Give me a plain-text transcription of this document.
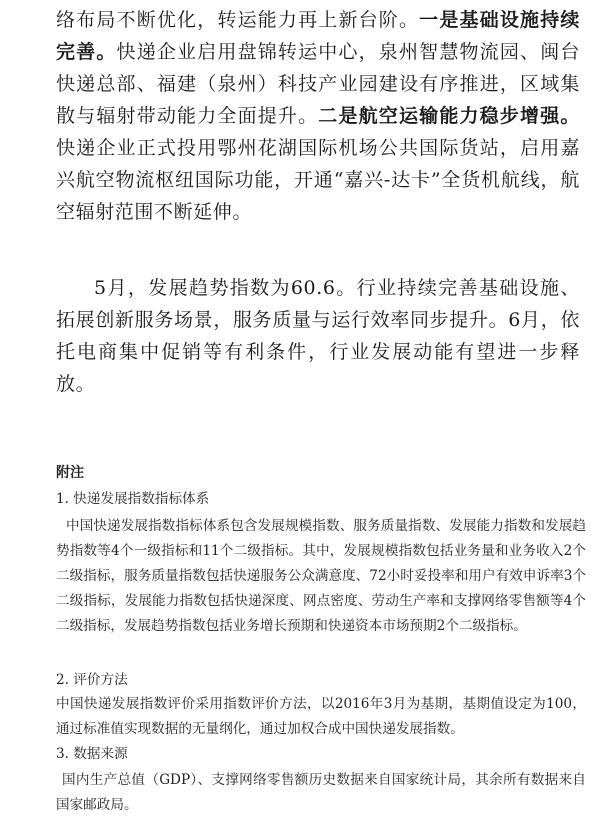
络布局不断优化，转运能力再上新台阶。一是基础设施持续完善。快递企业启用盘锦转运中心，泉州智慧物流园、闽台快递总部、福建（泉州）科技产业园建设有序推进，区域集散与辐射带动能力全面提升。二是航空运输能力稳步增强。快递企业正式投用鄂州花湖国际机场公共国际货站，启用嘉兴航空物流枢纽国际功能，开通“嘉兴-达卡”全货机航线，航空辐射范围不断延伸。
5月，发展趋势指数为60.6。行业持续完善基础设施、拓展创新服务场景，服务质量与运行效率同步提升。6月，依托电商集中促销等有利条件，行业发展动能有望进一步释放。
附注
1. 快递发展指数指标体系
中国快递发展指数指标体系包含发展规模指数、服务质量指数、发展能力指数和发展趋势指数等4个一级指标和11个二级指标。其中，发展规模指数包括业务量和业务收入2个二级指标，服务质量指数包括快递服务公众满意度、72小时妥投率和用户有效申诉率3个二级指标，发展能力指数包括快递深度、网点密度、劳动生产率和支撑网络零售额等4个二级指标，发展趋势指数包括业务增长预期和快递资本市场预期2个二级指标。
2. 评价方法
中国快递发展指数评价采用指数评价方法，以2016年3月为基期，基期值设定为100，通过标准值实现数据的无量纲化，通过加权合成中国快递发展指数。
3. 数据来源
国内生产总值（GDP）、支撑网络零售额历史数据来自国家统计局，其余所有数据来自国家邮政局。
